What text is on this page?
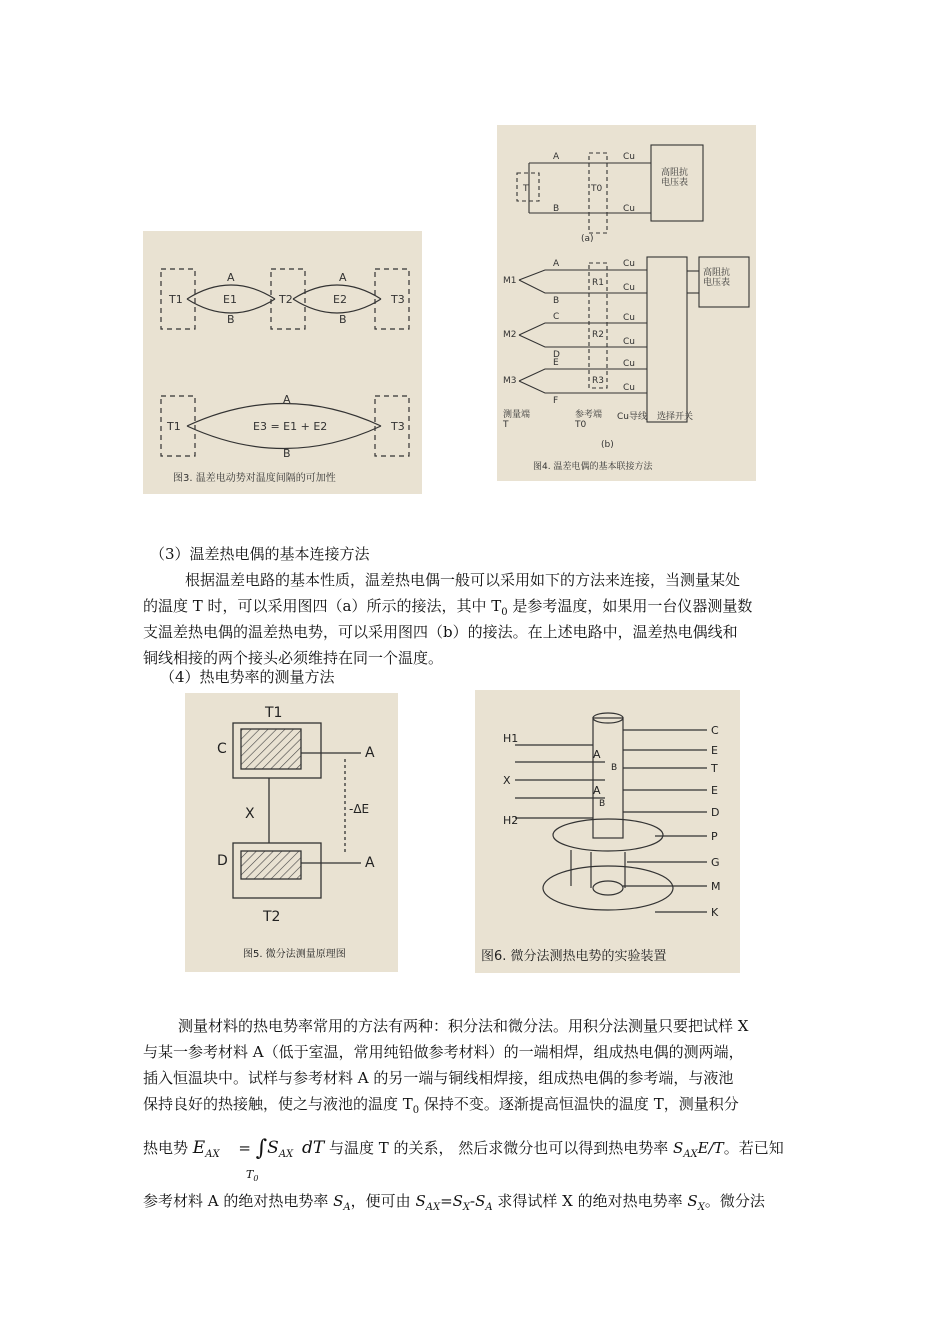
A	A
B	B
E1	E2
T1	T2	T3
A
B
E3 = E1 + E2
T1	T3
图3. 温差电动势对温度间隔的可加性
A
B
T	T0
Cu
Cu
高阻抗电压表
(a)
M1
M2
M3
A
B
C
D
E
F
R1
R2
R3
Cu
Cu
Cu
Cu
Cu
Cu
高阻抗电压表
选择开关
Cu导线
测量端 T
参考端 T0
(b)
图4. 温差电偶的基本联接方法
（3）温差热电偶的基本连接方法
根据温差电路的基本性质，温差热电偶一般可以采用如下的方法来连接，当测量某处
的温度 T 时，可以采用图四（a）所示的接法，其中 $T_0$ 是参考温度，如果用一台仪器测量数
支温差热电偶的温差热电势，可以采用图四（b）的接法。在上述电路中，温差热电偶线和
铜线相接的两个接头必须维持在同一个温度。
（4）热电势率的测量方法
T1
C
X
D
A
A
-ΔE
T2
图5. 微分法测量原理图
H1
A
X
A
H2
B
B
C
E
T
E
D
P
G
M
K
图6. 微分法测热电势的实验装置
测量材料的热电势率常用的方法有两种：积分法和微分法。用积分法测量只要把试样 X
与某一参考材料 A（低于室温，常用纯铅做参考材料）的一端相焊，组成热电偶的测两端，
插入恒温块中。试样与参考材料 A 的另一端与铜线相焊接，组成热电偶的参考端，与液池
保持良好的热接触，使之与液池的温度 $T_0$ 保持不变。逐渐提高恒温快的温度 T，测量积分
热电势 $E_{AX} = \int S_{AX}$ dT 与温度 T 的关系， 然后求微分也可以得到热电势率 $S_{AX}E/T$。若已知
$T_0$
参考材料 A 的绝对热电势率 $S_A$，便可由 $S_{AX}=S_X-S_A$ 求得试样 X 的绝对热电势率 $S_X$。微分法
